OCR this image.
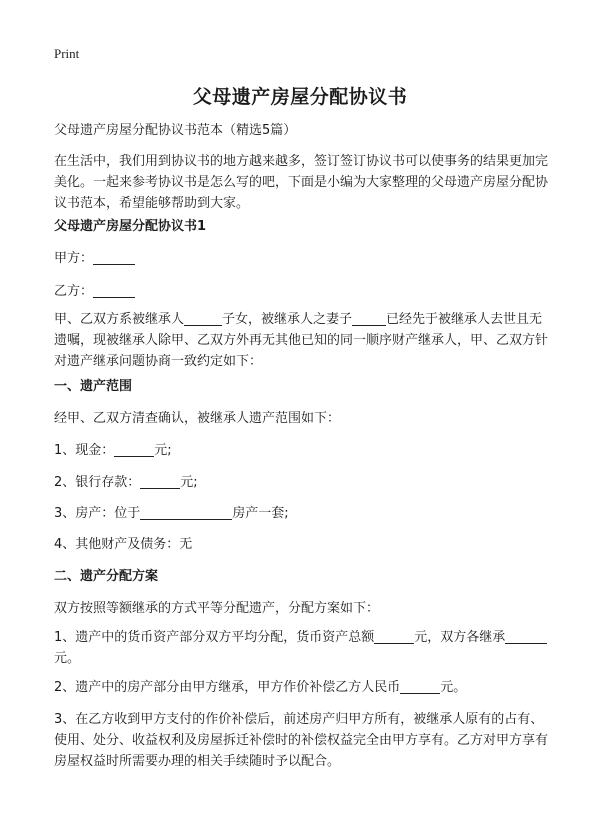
Print
父母遗产房屋分配协议书
父母遗产房屋分配协议书范本（精选5篇）
在生活中，我们用到协议书的地方越来越多，签订签订协议书可以使事务的结果更加完美化。一起来参考协议书是怎么写的吧，下面是小编为大家整理的父母遗产房屋分配协议书范本，希望能够帮助到大家。
父母遗产房屋分配协议书1
甲方：
乙方：
甲、乙双方系被继承人	子女，被继承人之妻子	已经先于被继承人去世且无遗嘱，现被继承人除甲、乙双方外再无其他已知的同一顺序财产继承人，甲、乙双方针对遗产继承问题协商一致约定如下：
一、遗产范围
经甲、乙双方清查确认，被继承人遗产范围如下：
1、现金：	元;
2、银行存款：	元;
3、房产：位于	房产一套;
4、其他财产及债务：无
二、遗产分配方案
双方按照等额继承的方式平等分配遗产，分配方案如下：
1、遗产中的货币资产部分双方平均分配，货币资产总额	元，双方各继承元。
2、遗产中的房产部分由甲方继承，甲方作价补偿乙方人民币	元。
3、在乙方收到甲方支付的作价补偿后，前述房产归甲方所有，被继承人原有的占有、使用、处分、收益权利及房屋拆迁补偿时的补偿权益完全由甲方享有。乙方对甲方享有房屋权益时所需要办理的相关手续随时予以配合。
